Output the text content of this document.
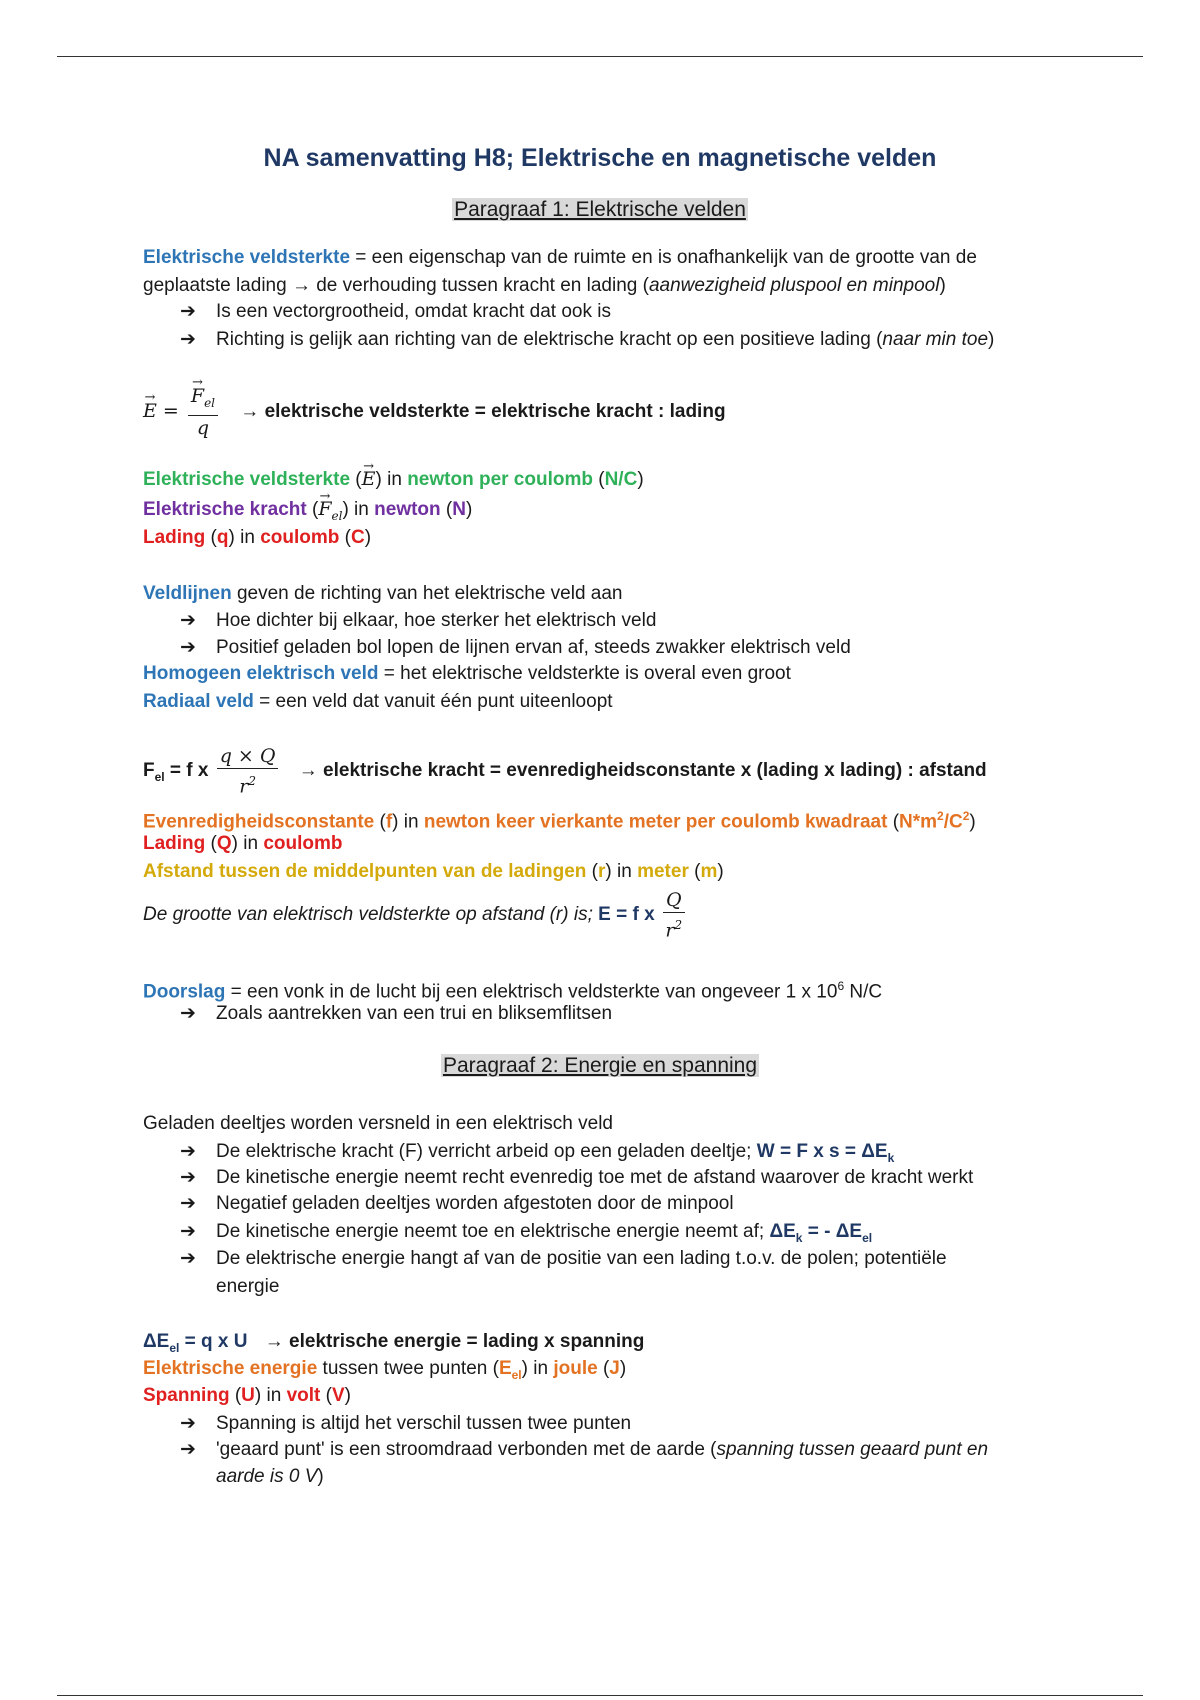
NA samenvatting H8; Elektrische en magnetische velden
Paragraaf 1: Elektrische velden
Elektrische veldsterkte = een eigenschap van de ruimte en is onafhankelijk van de grootte van de
geplaatste lading → de verhouding tussen kracht en lading (aanwezigheid pluspool en minpool)
➔ Is een vectorgrootheid, omdat kracht dat ook is
➔ Richting is gelijk aan richting van de elektrische kracht op een positieve lading (naar min toe)
→ E =
→ $\frac{F_{el}}{q}$ → elektrische veldsterkte = elektrische kracht : lading
Elektrische veldsterkte (→ E) in newton per coulomb (N/C)
Elektrische kracht (→ $F_{el}$) in newton (N)
Lading (q) in coulomb (C)
Veldlijnen geven de richting van het elektrische veld aan
➔ Hoe dichter bij elkaar, hoe sterker het elektrisch veld
➔ Positief geladen bol lopen de lijnen ervan af, steeds zwakker elektrisch veld
Homogeen elektrisch veld = het elektrische veldsterkte is overal even groot
Radiaal veld = een veld dat vanuit één punt uiteenloopt
$F_{el} = f$ x $\frac{q \times Q}{r^2}$ → elektrische kracht = evenredigheidsconstante x (lading x lading) : afstand
Evenredigheidsconstante (f) in newton keer vierkante meter per coulomb kwadraat $(N*m^2/C^2)$
Lading (Q) in coulomb
Afstand tussen de middelpunten van de ladingen (r) in meter (m)
De grootte van elektrisch veldsterkte op afstand (r) is; E = f x $\frac{Q}{r^2}$
Doorslag = een vonk in de lucht bij een elektrisch veldsterkte van ongeveer 1 x $10^6$ N/C
➔ Zoals aantrekken van een trui en bliksemflitsen
Paragraaf 2: Energie en spanning
Geladen deeltjes worden versneld in een elektrisch veld
➔ De elektrische kracht (F) verricht arbeid op een geladen deeltje; W = F x $s = \Delta E_k$
➔ De kinetische energie neemt recht evenredig toe met de afstand waarover de kracht werkt
➔ Negatief geladen deeltjes worden afgestoten door de minpool
➔ De kinetische energie neemt toe en elektrische energie neemt af; $\Delta E_k$ = - $\Delta E_{el}$
➔ De elektrische energie hangt af van de positie van een lading t.o.v. de polen; potentiële
energie
$\Delta E_{el} = q$ x U → elektrische energie = lading x spanning
Elektrische energie tussen twee punten $(E_{el})$ in joule (J)
Spanning (U) in volt (V)
➔ Spanning is altijd het verschil tussen twee punten
➔ 'geaard punt' is een stroomdraad verbonden met de aarde (spanning tussen geaard punt en
aarde is 0 V)
